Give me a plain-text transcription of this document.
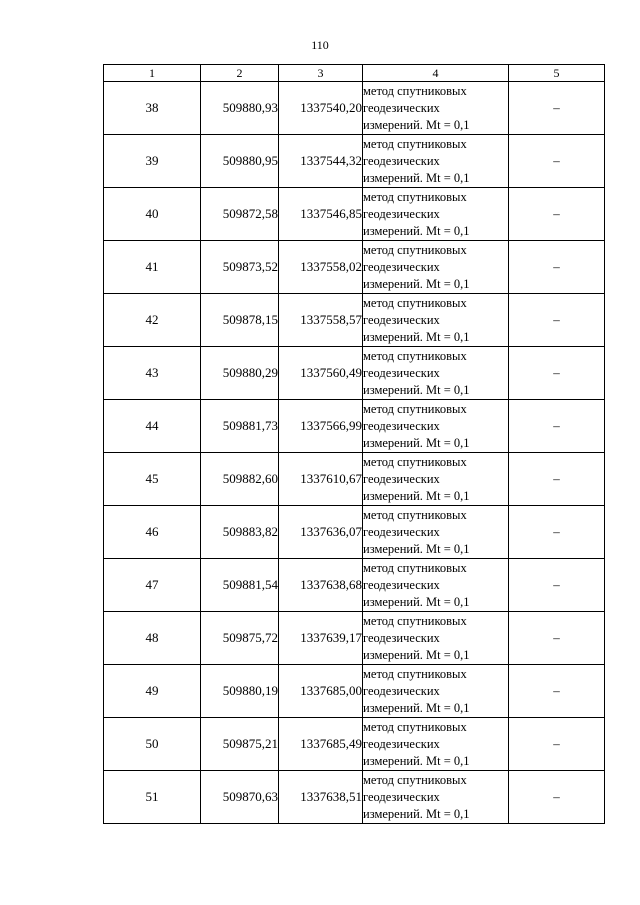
110
1	2	3	4	5
38	509880,93	1337540,20	метод спутниковых
геодезических
измерений. Mt = 0,1	–
39	509880,95	1337544,32	метод спутниковых
геодезических
измерений. Mt = 0,1	–
40	509872,58	1337546,85	метод спутниковых
геодезических
измерений. Mt = 0,1	–
41	509873,52	1337558,02	метод спутниковых
геодезических
измерений. Mt = 0,1	–
42	509878,15	1337558,57	метод спутниковых
геодезических
измерений. Mt = 0,1	–
43	509880,29	1337560,49	метод спутниковых
геодезических
измерений. Mt = 0,1	–
44	509881,73	1337566,99	метод спутниковых
геодезических
измерений. Mt = 0,1	–
45	509882,60	1337610,67	метод спутниковых
геодезических
измерений. Mt = 0,1	–
46	509883,82	1337636,07	метод спутниковых
геодезических
измерений. Mt = 0,1	–
47	509881,54	1337638,68	метод спутниковых
геодезических
измерений. Mt = 0,1	–
48	509875,72	1337639,17	метод спутниковых
геодезических
измерений. Mt = 0,1	–
49	509880,19	1337685,00	метод спутниковых
геодезических
измерений. Mt = 0,1	–
50	509875,21	1337685,49	метод спутниковых
геодезических
измерений. Mt = 0,1	–
51	509870,63	1337638,51	метод спутниковых
геодезических
измерений. Mt = 0,1	–
